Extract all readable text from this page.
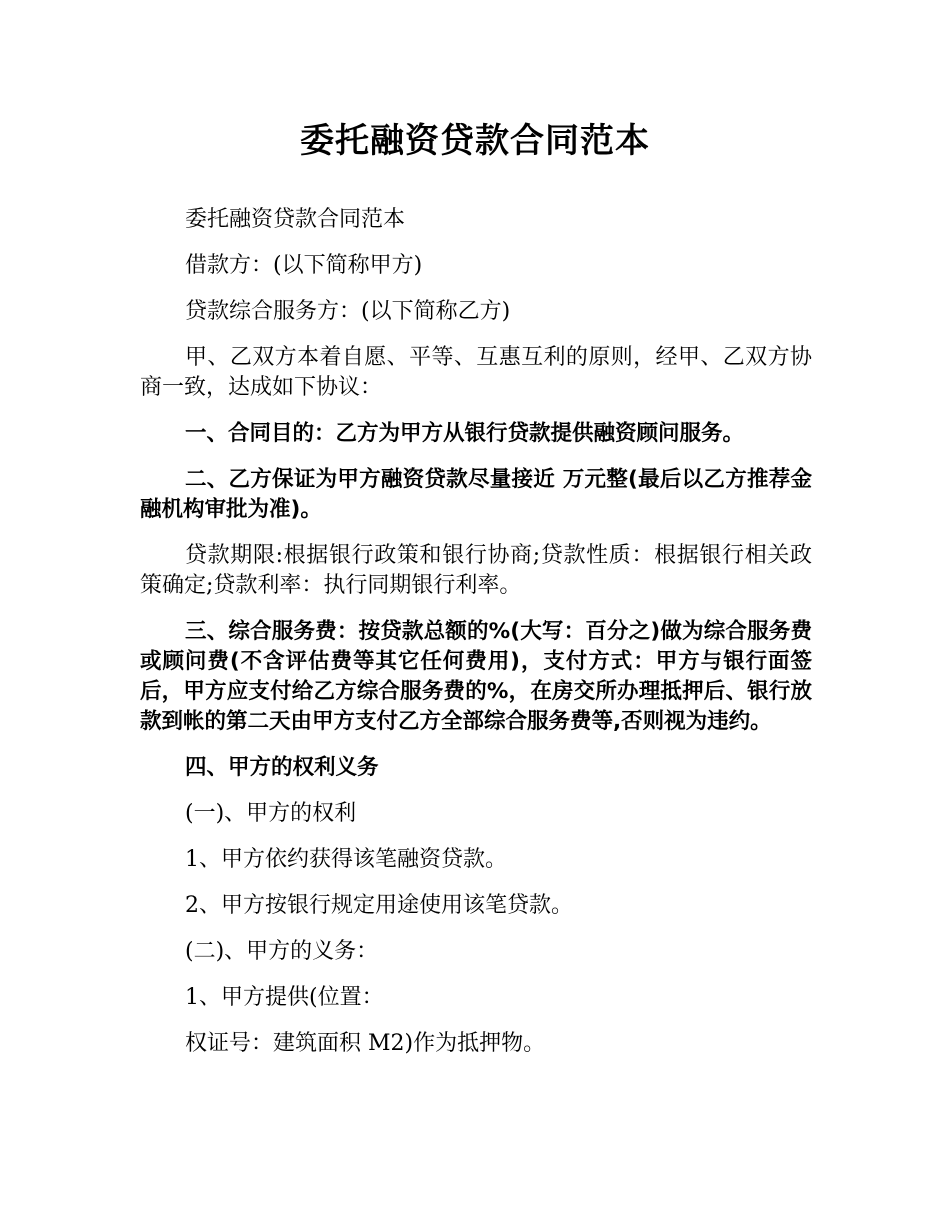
委托融资贷款合同范本

委托融资贷款合同范本

借款方：(以下简称甲方)

贷款综合服务方：(以下简称乙方)

甲、乙双方本着自愿、平等、互惠互利的原则，经甲、乙双方协商一致，达成如下协议：

一、合同目的：乙方为甲方从银行贷款提供融资顾问服务。

二、乙方保证为甲方融资贷款尽量接近 万元整(最后以乙方推荐金融机构审批为准)。

贷款期限:根据银行政策和银行协商;贷款性质：根据银行相关政策确定;贷款利率：执行同期银行利率。

三、综合服务费：按贷款总额的%(大写：百分之)做为综合服务费或顾问费(不含评估费等其它任何费用)，支付方式：甲方与银行面签后，甲方应支付给乙方综合服务费的%，在房交所办理抵押后、银行放款到帐的第二天由甲方支付乙方全部综合服务费等,否则视为违约。

四、甲方的权利义务

(一)、甲方的权利

1、甲方依约获得该笔融资贷款。

2、甲方按银行规定用途使用该笔贷款。

(二)、甲方的义务：

1、甲方提供(位置：

权证号：建筑面积 M2)作为抵押物。
